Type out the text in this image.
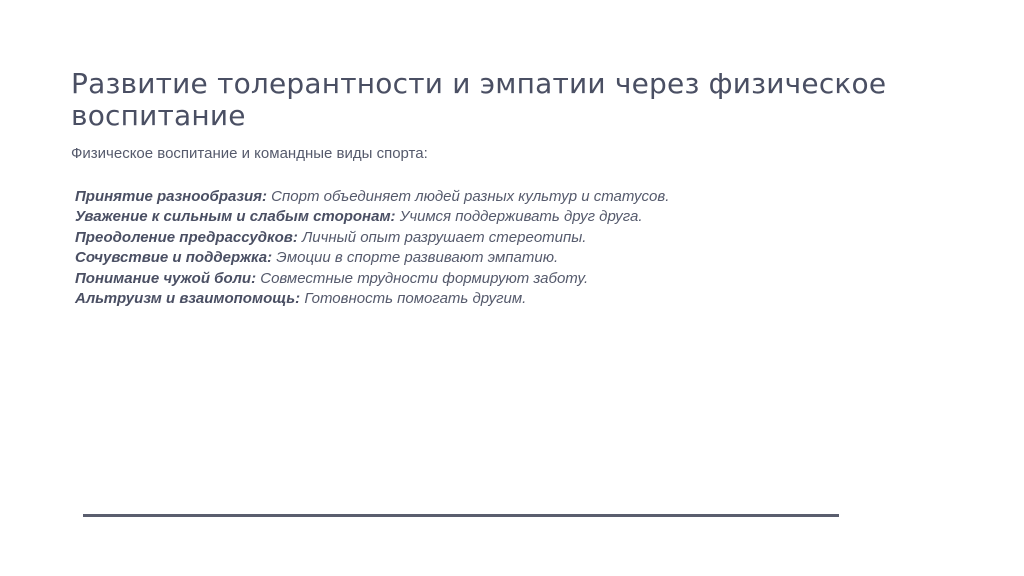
Развитие толерантности и эмпатии через физическое воспитание

Физическое воспитание и командные виды спорта:

Принятие разнообразия: Спорт объединяет людей разных культур и статусов.
Уважение к сильным и слабым сторонам: Учимся поддерживать друг друга.
Преодоление предрассудков: Личный опыт разрушает стереотипы.
Сочувствие и поддержка: Эмоции в спорте развивают эмпатию.
Понимание чужой боли: Совместные трудности формируют заботу.
Альтруизм и взаимопомощь: Готовность помогать другим.
